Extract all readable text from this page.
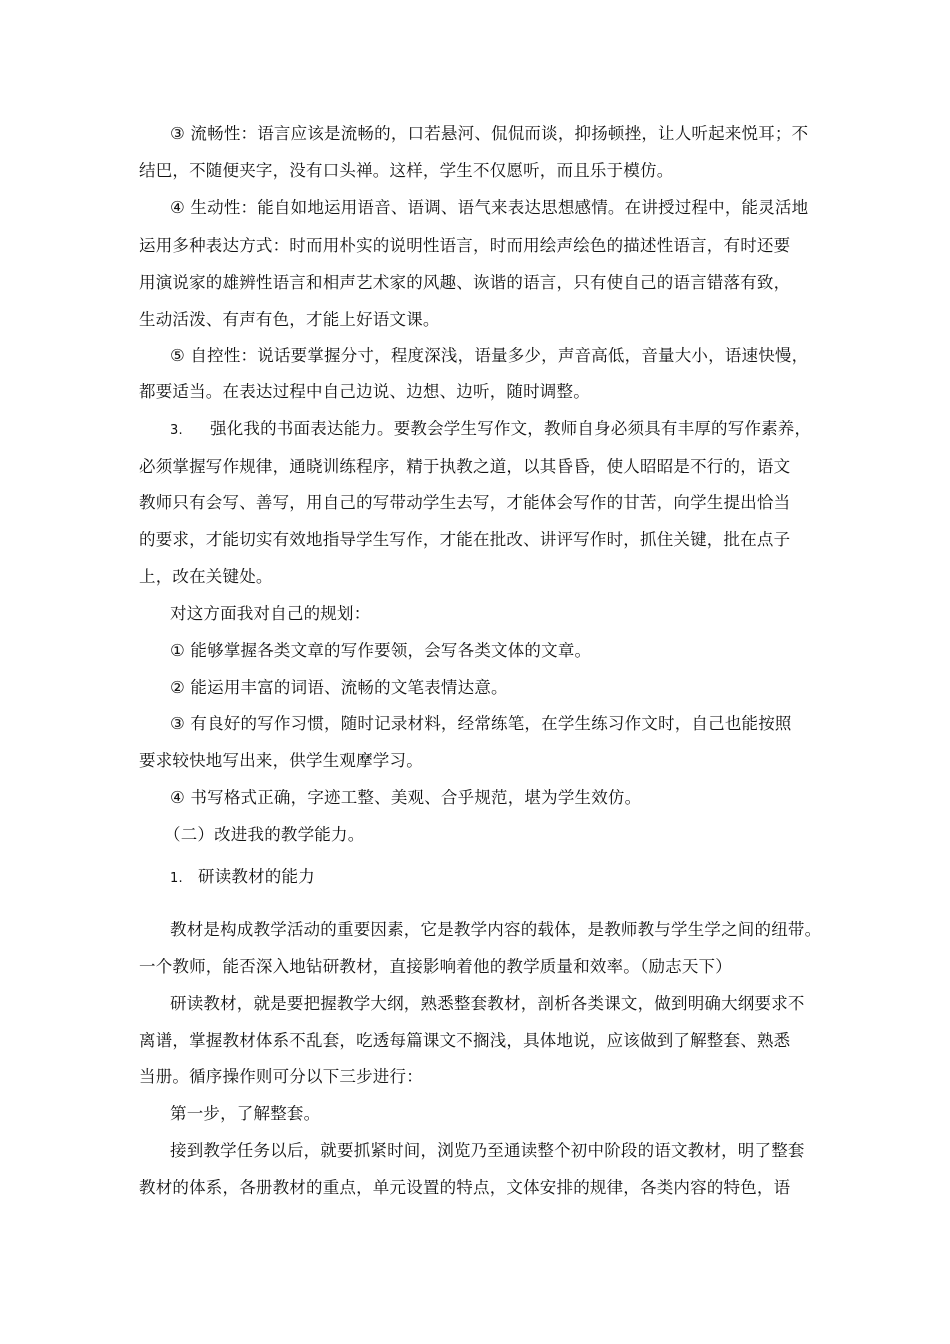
③ 流畅性：语言应该是流畅的，口若悬河、侃侃而谈，抑扬顿挫，让人听起来悦耳；不
结巴，不随便夹字，没有口头禅。这样，学生不仅愿听，而且乐于模仿。
④ 生动性：能自如地运用语音、语调、语气来表达思想感情。在讲授过程中，能灵活地
运用多种表达方式：时而用朴实的说明性语言，时而用绘声绘色的描述性语言，有时还要
用演说家的雄辨性语言和相声艺术家的风趣、诙谐的语言，只有使自己的语言错落有致，
生动活泼、有声有色，才能上好语文课。
⑤ 自控性：说话要掌握分寸，程度深浅，语量多少，声音高低，音量大小，语速快慢，
都要适当。在表达过程中自己边说、边想、边听，随时调整。
3. 强化我的书面表达能力。要教会学生写作文，教师自身必须具有丰厚的写作素养，
必须掌握写作规律，通晓训练程序，精于执教之道，以其昏昏，使人昭昭是不行的，语文
教师只有会写、善写，用自己的写带动学生去写，才能体会写作的甘苦，向学生提出恰当
的要求，才能切实有效地指导学生写作，才能在批改、讲评写作时，抓住关键，批在点子
上，改在关键处。
对这方面我对自己的规划：
① 能够掌握各类文章的写作要领，会写各类文体的文章。
② 能运用丰富的词语、流畅的文笔表情达意。
③ 有良好的写作习惯，随时记录材料，经常练笔，在学生练习作文时，自己也能按照
要求较快地写出来，供学生观摩学习。
④ 书写格式正确，字迹工整、美观、合乎规范，堪为学生效仿。
（二）改进我的教学能力。
1. 研读教材的能力
教材是构成教学活动的重要因素，它是教学内容的载体，是教师教与学生学之间的纽带。
一个教师，能否深入地钻研教材，直接影响着他的教学质量和效率。（励志天下）
研读教材，就是要把握教学大纲，熟悉整套教材，剖析各类课文，做到明确大纲要求不
离谱，掌握教材体系不乱套，吃透每篇课文不搁浅，具体地说，应该做到了解整套、熟悉
当册。循序操作则可分以下三步进行：
第一步，了解整套。
接到教学任务以后，就要抓紧时间，浏览乃至通读整个初中阶段的语文教材，明了整套
教材的体系，各册教材的重点，单元设置的特点，文体安排的规律，各类内容的特色，语
